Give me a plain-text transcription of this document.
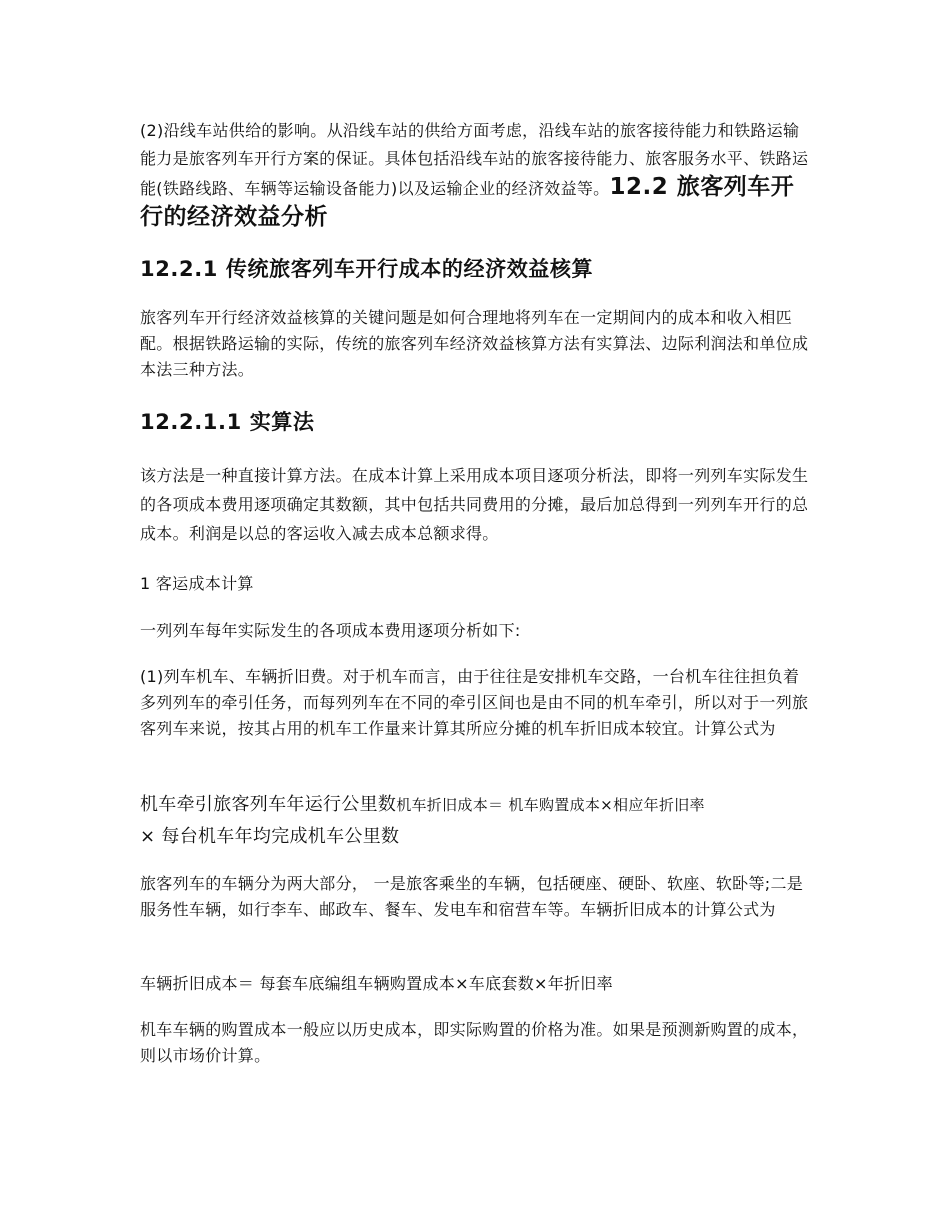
(2)沿线车站供给的影响。从沿线车站的供给方面考虑，沿线车站的旅客接待能力和铁路运输能力是旅客列车开行方案的保证。具体包括沿线车站的旅客接待能力、旅客服务水平、铁路运能(铁路线路、车辆等运输设备能力)以及运输企业的经济效益等。12.2 旅客列车开行的经济效益分析

12.2.1 传统旅客列车开行成本的经济效益核算

旅客列车开行经济效益核算的关键问题是如何合理地将列车在一定期间内的成本和收入相匹配。根据铁路运输的实际，传统的旅客列车经济效益核算方法有实算法、边际利润法和单位成本法三种方法。

12.2.1.1 实算法

该方法是一种直接计算方法。在成本计算上采用成本项目逐项分析法，即将一列列车实际发生的各项成本费用逐项确定其数额，其中包括共同费用的分摊，最后加总得到一列列车开行的总成本。利润是以总的客运收入减去成本总额求得。

1 客运成本计算

一列列车每年实际发生的各项成本费用逐项分析如下:

(1)列车机车、车辆折旧费。对于机车而言，由于往往是安排机车交路，一台机车往往担负着多列列车的牵引任务，而每列列车在不同的牵引区间也是由不同的机车牵引，所以对于一列旅客列车来说，按其占用的机车工作量来计算其所应分摊的机车折旧成本较宜。计算公式为

机车牵引旅客列车年运行公里数机车折旧成本＝ 机车购置成本×相应年折旧率
× 每台机车年均完成机车公里数

旅客列车的车辆分为两大部分， 一是旅客乘坐的车辆，包括硬座、硬卧、软座、软卧等;二是服务性车辆，如行李车、邮政车、餐车、发电车和宿营车等。车辆折旧成本的计算公式为

车辆折旧成本＝ 每套车底编组车辆购置成本×车底套数×年折旧率

机车车辆的购置成本一般应以历史成本，即实际购置的价格为准。如果是预测新购置的成本，则以市场价计算。
